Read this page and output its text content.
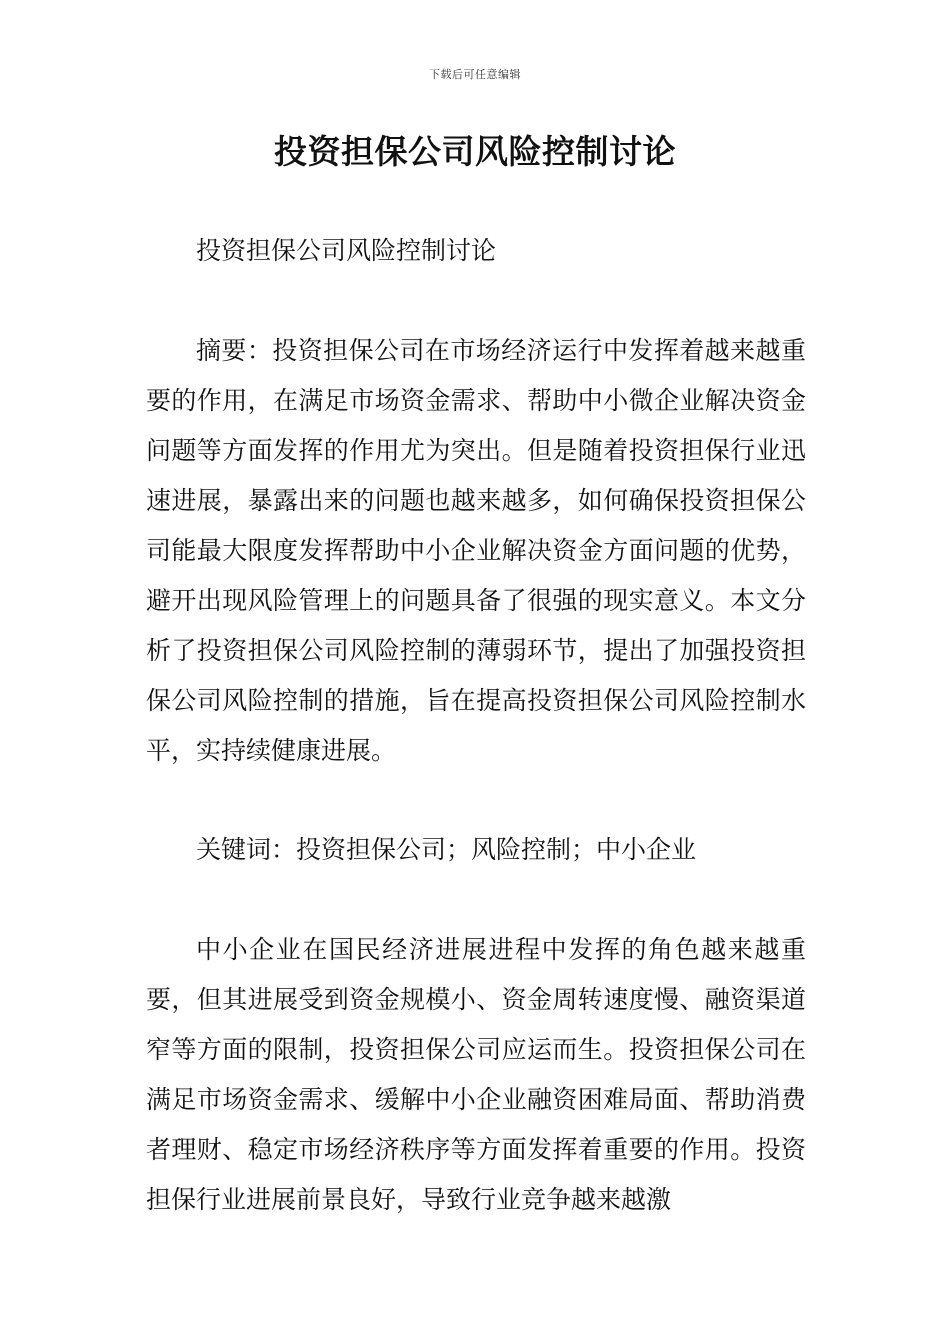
下载后可任意编辑
投资担保公司风险控制讨论

投资担保公司风险控制讨论

摘要：投资担保公司在市场经济运行中发挥着越来越重要的作用，在满足市场资金需求、帮助中小微企业解决资金问题等方面发挥的作用尤为突出。但是随着投资担保行业迅速进展，暴露出来的问题也越来越多，如何确保投资担保公司能最大限度发挥帮助中小企业解决资金方面问题的优势，避开出现风险管理上的问题具备了很强的现实意义。本文分析了投资担保公司风险控制的薄弱环节，提出了加强投资担保公司风险控制的措施，旨在提高投资担保公司风险控制水平，实持续健康进展。

关键词：投资担保公司；风险控制；中小企业

中小企业在国民经济进展进程中发挥的角色越来越重要，但其进展受到资金规模小、资金周转速度慢、融资渠道窄等方面的限制，投资担保公司应运而生。投资担保公司在满足市场资金需求、缓解中小企业融资困难局面、帮助消费者理财、稳定市场经济秩序等方面发挥着重要的作用。投资担保行业进展前景良好，导致行业竞争越来越激
